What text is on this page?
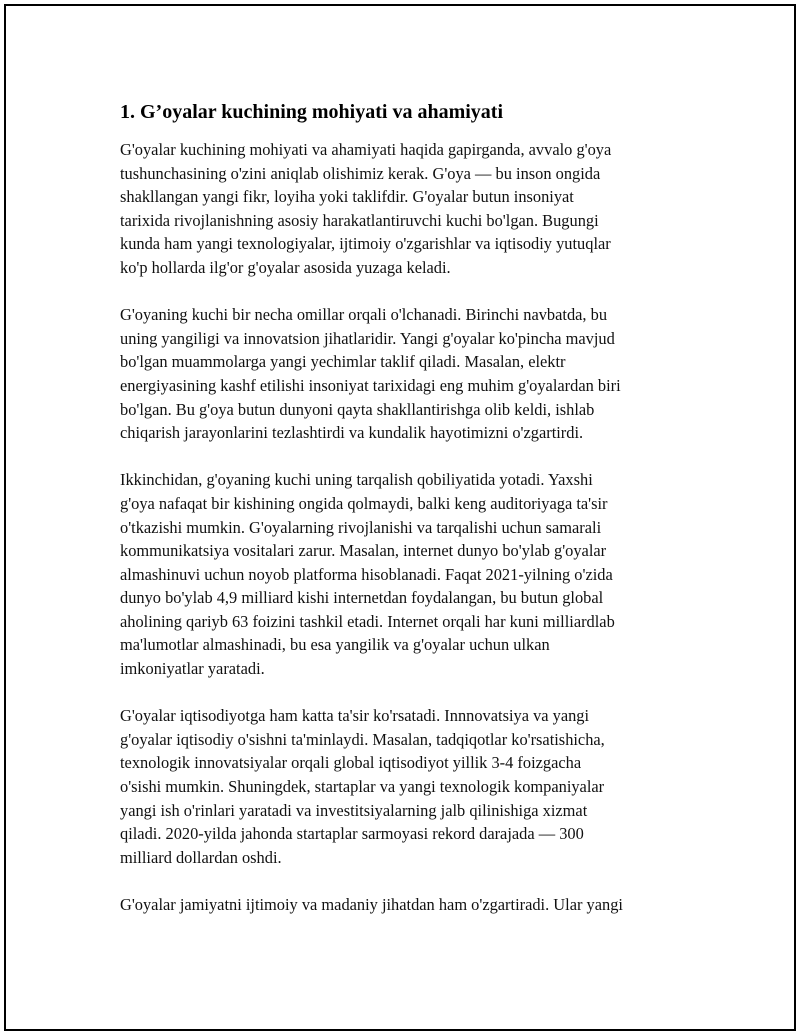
1. G’oyalar kuchining mohiyati va ahamiyati

G'oyalar kuchining mohiyati va ahamiyati haqida gapirganda, avvalo g'oya
tushunchasining o'zini aniqlab olishimiz kerak. G'oya — bu inson ongida
shakllangan yangi fikr, loyiha yoki taklifdir. G'oyalar butun insoniyat
tarixida rivojlanishning asosiy harakatlantiruvchi kuchi bo'lgan. Bugungi
kunda ham yangi texnologiyalar, ijtimoiy o'zgarishlar va iqtisodiy yutuqlar
ko'p hollarda ilg'or g'oyalar asosida yuzaga keladi.

G'oyaning kuchi bir necha omillar orqali o'lchanadi. Birinchi navbatda, bu
uning yangiligi va innovatsion jihatlaridir. Yangi g'oyalar ko'pincha mavjud
bo'lgan muammolarga yangi yechimlar taklif qiladi. Masalan, elektr
energiyasining kashf etilishi insoniyat tarixidagi eng muhim g'oyalardan biri
bo'lgan. Bu g'oya butun dunyoni qayta shakllantirishga olib keldi, ishlab
chiqarish jarayonlarini tezlashtirdi va kundalik hayotimizni o'zgartirdi.

Ikkinchidan, g'oyaning kuchi uning tarqalish qobiliyatida yotadi. Yaxshi
g'oya nafaqat bir kishining ongida qolmaydi, balki keng auditoriyaga ta'sir
o'tkazishi mumkin. G'oyalarning rivojlanishi va tarqalishi uchun samarali
kommunikatsiya vositalari zarur. Masalan, internet dunyo bo'ylab g'oyalar
almashinuvi uchun noyob platforma hisoblanadi. Faqat 2021-yilning o'zida
dunyo bo'ylab 4,9 milliard kishi internetdan foydalangan, bu butun global
aholining qariyb 63 foizini tashkil etadi. Internet orqali har kuni milliardlab
ma'lumotlar almashinadi, bu esa yangilik va g'oyalar uchun ulkan
imkoniyatlar yaratadi.

G'oyalar iqtisodiyotga ham katta ta'sir ko'rsatadi. Innnovatsiya va yangi
g'oyalar iqtisodiy o'sishni ta'minlaydi. Masalan, tadqiqotlar ko'rsatishicha,
texnologik innovatsiyalar orqali global iqtisodiyot yillik 3-4 foizgacha
o'sishi mumkin. Shuningdek, startaplar va yangi texnologik kompaniyalar
yangi ish o'rinlari yaratadi va investitsiyalarning jalb qilinishiga xizmat
qiladi. 2020-yilda jahonda startaplar sarmoyasi rekord darajada — 300
milliard dollardan oshdi.

G'oyalar jamiyatni ijtimoiy va madaniy jihatdan ham o'zgartiradi. Ular yangi
